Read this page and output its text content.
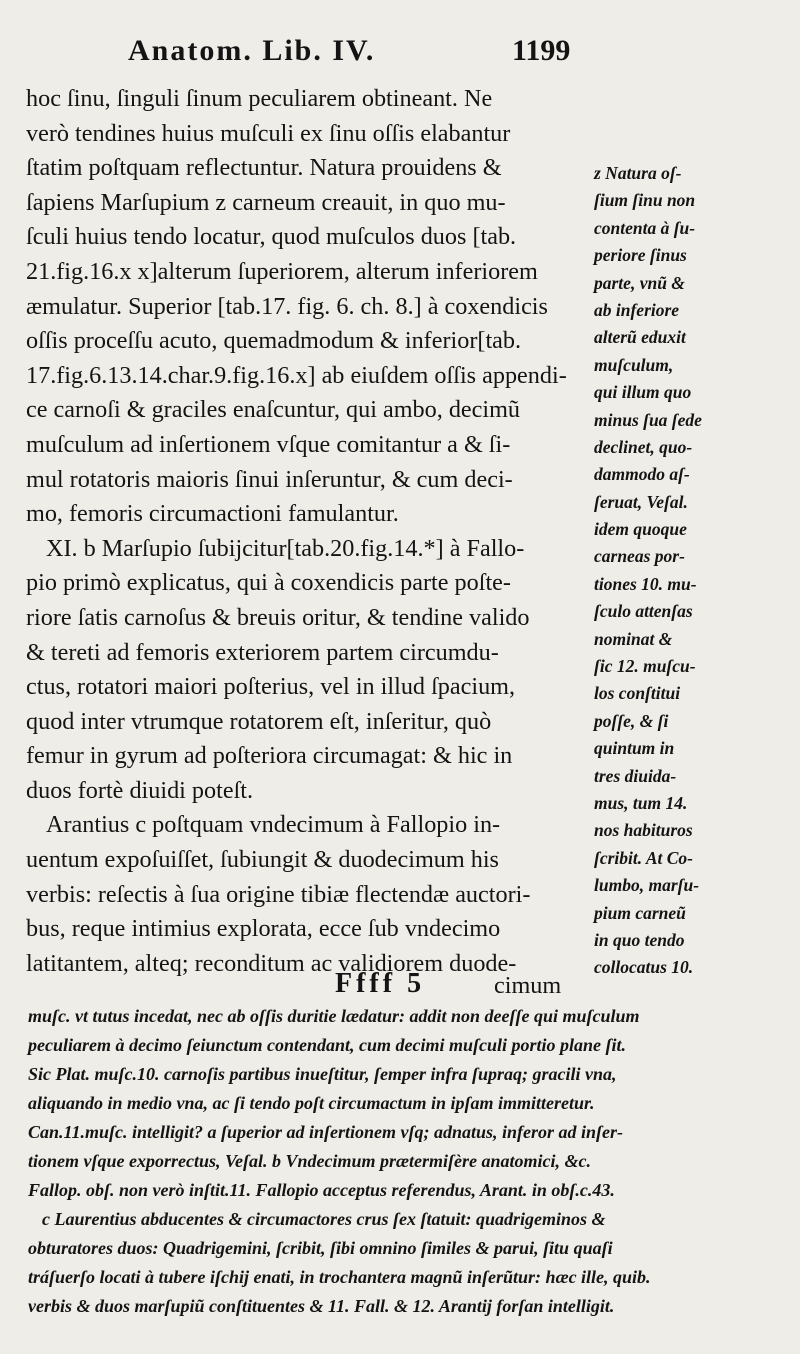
Anatom. Lib. IV.	1199
hoc ſinu, ſinguli ſinum peculiarem obtineant. Ne
verò tendines huius muſculi ex ſinu oſſis elabantur
ſtatim poſtquam reflectuntur. Natura prouidens &
ſapiens Marſupium z carneum creauit, in quo mu-
ſculi huius tendo locatur, quod muſculos duos [tab.
21.fig.16.x x]alterum ſuperiorem, alterum inferiorem
æmulatur. Superior [tab.17. fig. 6. ch. 8.] à coxendicis
oſſis proceſſu acuto, quemadmodum & inferior[tab.
17.fig.6.13.14.char.9.fig.16.x] ab eiuſdem oſſis appendi-
ce carnoſi & graciles enaſcuntur, qui ambo, decimũ
muſculum ad inſertionem vſque comitantur a & ſi-
mul rotatoris maioris ſinui inſeruntur, & cum deci-
mo, femoris circumactioni famulantur.
XI. b Marſupio ſubijcitur[tab.20.fig.14.*] à Fallo-
pio primò explicatus, qui à coxendicis parte poſte-
riore ſatis carnoſus & breuis oritur, & tendine valido
& tereti ad femoris exteriorem partem circumdu-
ctus, rotatori maiori poſterius, vel in illud ſpacium,
quod inter vtrumque rotatorem eſt, inſeritur, quò
femur in gyrum ad poſteriora circumagat: & hic in
duos fortè diuidi poteſt.
Arantius c poſtquam vndecimum à Fallopio in-
uentum expoſuiſſet, ſubiungit & duodecimum his
verbis: reſectis à ſua origine tibiæ flectendæ auctori-
bus, reque intimius explorata, ecce ſub vndecimo
latitantem, alteq; reconditum ac validiorem duode-
z Natura oſ-
ſium ſinu non
contenta à ſu-
periore ſinus
parte, vnũ &
ab inferiore
alterũ eduxit
muſculum,
qui illum quo
minus ſua ſede
declinet, quo-
dammodo aſ-
ſeruat, Veſal.
idem quoque
carneas por-
tiones 10. mu-
ſculo attenſas
nominat &
ſic 12. muſcu-
los conſtitui
poſſe, & ſi
quintum in
tres diuida-
mus, tum 14.
nos habituros
ſcribit. At Co-
lumbo, marſu-
pium carneũ
in quo tendo
collocatus 10.
Ffff 5	cimum
muſc. vt tutus incedat, nec ab oſſis duritie lædatur: addit non deeſſe qui muſculum
peculiarem à decimo ſeiunctum contendant, cum decimi muſculi portio plane ſit.
Sic Plat. muſc.10. carnoſis partibus inueſtitur, ſemper infra ſupraq; gracili vna,
aliquando in medio vna, ac ſi tendo poſt circumactum in ipſam immitteretur.
Can.11.muſc. intelligit? a ſuperior ad inſertionem vſq; adnatus, inferor ad inſer-
tionem vſque exporrectus, Veſal. b Vndecimum prætermiſère anatomici, &c.
Fallop. obſ. non verò inſtit.11. Fallopio acceptus referendus, Arant. in obſ.c.43.
c Laurentius abducentes & circumactores crus ſex ſtatuit: quadrigeminos &
obturatores duos: Quadrigemini, ſcribit, ſibi omnino ſimiles & parui, ſitu quaſi
tráſuerſo locati à tubere iſchij enati, in trochantera magnũ inſerũtur: hæc ille, quib.
verbis & duos marſupiũ conſtituentes & 11. Fall. & 12. Arantij forſan intelligit.
